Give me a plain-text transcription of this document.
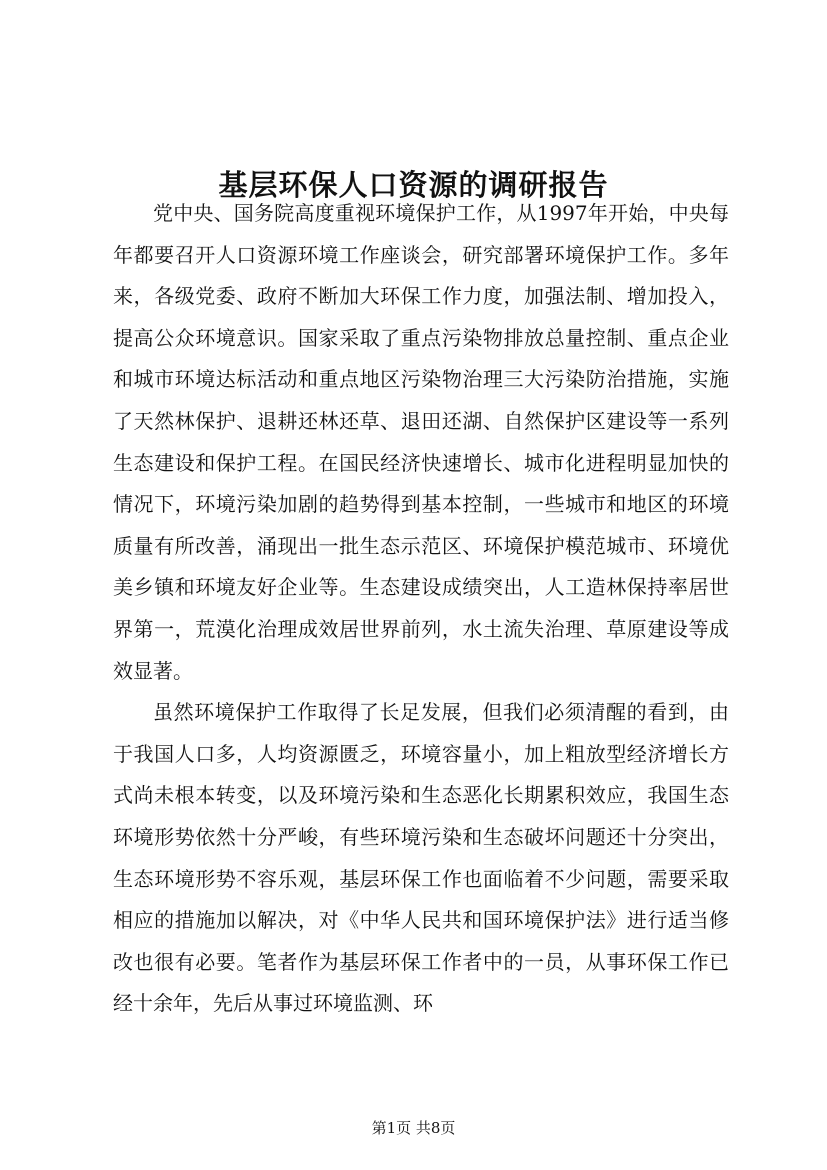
基层环保人口资源的调研报告

党中央、国务院高度重视环境保护工作，从1997年开始，中央每年都要召开人口资源环境工作座谈会，研究部署环境保护工作。多年来，各级党委、政府不断加大环保工作力度，加强法制、增加投入，提高公众环境意识。国家采取了重点污染物排放总量控制、重点企业和城市环境达标活动和重点地区污染物治理三大污染防治措施，实施了天然林保护、退耕还林还草、退田还湖、自然保护区建设等一系列生态建设和保护工程。在国民经济快速增长、城市化进程明显加快的情况下，环境污染加剧的趋势得到基本控制，一些城市和地区的环境质量有所改善，涌现出一批生态示范区、环境保护模范城市、环境优美乡镇和环境友好企业等。生态建设成绩突出，人工造林保持率居世界第一，荒漠化治理成效居世界前列，水土流失治理、草原建设等成效显著。

虽然环境保护工作取得了长足发展，但我们必须清醒的看到，由于我国人口多，人均资源匮乏，环境容量小，加上粗放型经济增长方式尚未根本转变，以及环境污染和生态恶化长期累积效应，我国生态环境形势依然十分严峻，有些环境污染和生态破坏问题还十分突出，生态环境形势不容乐观，基层环保工作也面临着不少问题，需要采取相应的措施加以解决，对《中华人民共和国环境保护法》进行适当修改也很有必要。笔者作为基层环保工作者中的一员，从事环保工作已经十余年，先后从事过环境监测、环

第1页 共8页
